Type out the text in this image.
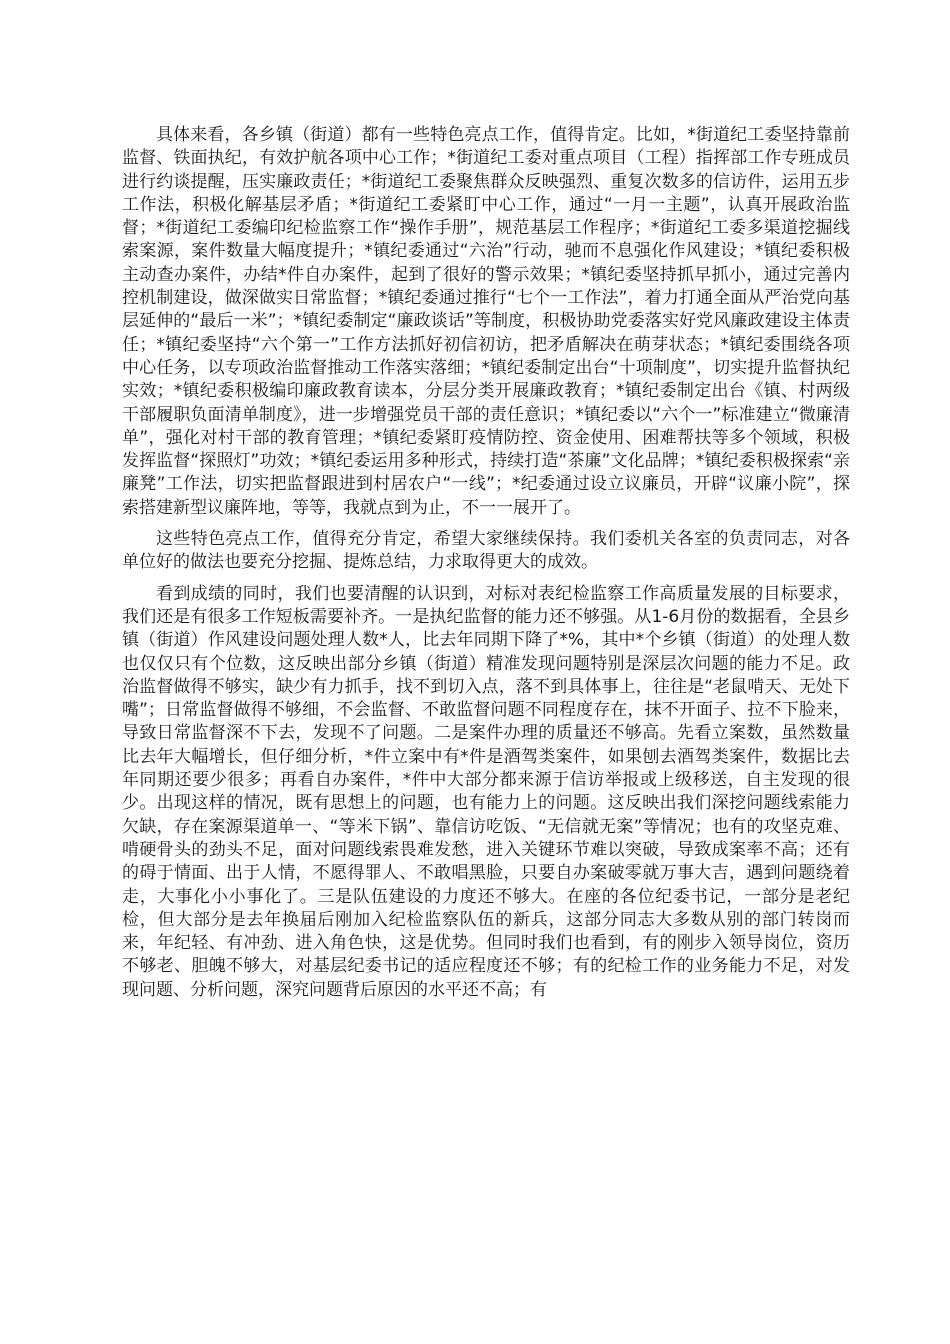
具体来看，各乡镇（街道）都有一些特色亮点工作，值得肯定。比如，*街道纪工委坚持靠前监督、铁面执纪，有效护航各项中心工作；*街道纪工委对重点项目（工程）指挥部工作专班成员进行约谈提醒，压实廉政责任；*街道纪工委聚焦群众反映强烈、重复次数多的信访件，运用五步工作法，积极化解基层矛盾；*街道纪工委紧盯中心工作，通过“一月一主题”，认真开展政治监督；*街道纪工委编印纪检监察工作“操作手册”，规范基层工作程序；*街道纪工委多渠道挖掘线索案源，案件数量大幅度提升；*镇纪委通过“六治”行动，驰而不息强化作风建设；*镇纪委积极主动查办案件，办结*件自办案件，起到了很好的警示效果；*镇纪委坚持抓早抓小，通过完善内控机制建设，做深做实日常监督；*镇纪委通过推行“七个一工作法”，着力打通全面从严治党向基层延伸的“最后一米”；*镇纪委制定“廉政谈话”等制度，积极协助党委落实好党风廉政建设主体责任；*镇纪委坚持“六个第一”工作方法抓好初信初访，把矛盾解决在萌芽状态；*镇纪委围绕各项中心任务，以专项政治监督推动工作落实落细；*镇纪委制定出台“十项制度”，切实提升监督执纪实效；*镇纪委积极编印廉政教育读本，分层分类开展廉政教育；*镇纪委制定出台《镇、村两级干部履职负面清单制度》，进一步增强党员干部的责任意识；*镇纪委以“六个一”标准建立“微廉清单”，强化对村干部的教育管理；*镇纪委紧盯疫情防控、资金使用、困难帮扶等多个领域，积极发挥监督“探照灯”功效；*镇纪委运用多种形式，持续打造“茶廉”文化品牌；*镇纪委积极探索“亲廉凳”工作法，切实把监督跟进到村居农户“一线”；*纪委通过设立议廉员，开辟“议廉小院”，探索搭建新型议廉阵地，等等，我就点到为止，不一一展开了。

这些特色亮点工作，值得充分肯定，希望大家继续保持。我们委机关各室的负责同志，对各单位好的做法也要充分挖掘、提炼总结，力求取得更大的成效。

看到成绩的同时，我们也要清醒的认识到，对标对表纪检监察工作高质量发展的目标要求，我们还是有很多工作短板需要补齐。一是执纪监督的能力还不够强。从1-6月份的数据看，全县乡镇（街道）作风建设问题处理人数*人，比去年同期下降了*%，其中*个乡镇（街道）的处理人数也仅仅只有个位数，这反映出部分乡镇（街道）精准发现问题特别是深层次问题的能力不足。政治监督做得不够实，缺少有力抓手，找不到切入点，落不到具体事上，往往是“老鼠啃天、无处下嘴”；日常监督做得不够细，不会监督、不敢监督问题不同程度存在，抹不开面子、拉不下脸来，导致日常监督深不下去，发现不了问题。二是案件办理的质量还不够高。先看立案数，虽然数量比去年大幅增长，但仔细分析，*件立案中有*件是酒驾类案件，如果刨去酒驾类案件，数据比去年同期还要少很多；再看自办案件，*件中大部分都来源于信访举报或上级移送，自主发现的很少。出现这样的情况，既有思想上的问题，也有能力上的问题。这反映出我们深挖问题线索能力欠缺，存在案源渠道单一、“等米下锅”、靠信访吃饭、“无信就无案”等情况；也有的攻坚克难、啃硬骨头的劲头不足，面对问题线索畏难发愁，进入关键环节难以突破，导致成案率不高；还有的碍于情面、出于人情，不愿得罪人、不敢唱黑脸，只要自办案破零就万事大吉，遇到问题绕着走，大事化小小事化了。三是队伍建设的力度还不够大。在座的各位纪委书记，一部分是老纪检，但大部分是去年换届后刚加入纪检监察队伍的新兵，这部分同志大多数从别的部门转岗而来，年纪轻、有冲劲、进入角色快，这是优势。但同时我们也看到，有的刚步入领导岗位，资历不够老、胆魄不够大，对基层纪委书记的适应程度还不够；有的纪检工作的业务能力不足，对发现问题、分析问题，深究问题背后原因的水平还不高；有
